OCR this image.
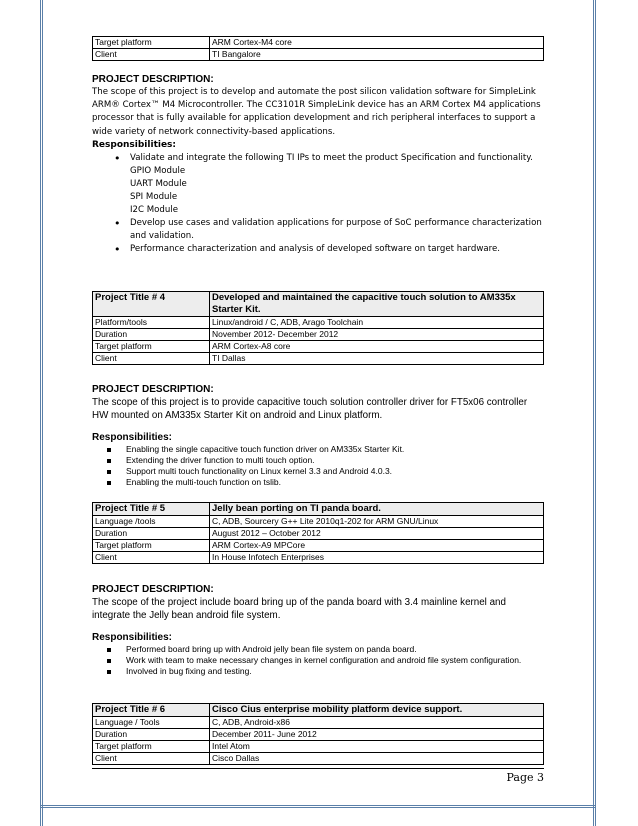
Target platform	ARM Cortex-M4 core
Client	TI Bangalore

PROJECT DESCRIPTION:

The scope of this project is to develop and automate the post silicon validation software for SimpleLink ARM® Cortex™ M4 Microcontroller. The CC3101R SimpleLink device has an ARM Cortex M4 applications processor that is fully available for application development and rich peripheral interfaces to support a wide variety of network connectivity-based applications.

Responsibilities:

• Validate and integrate the following TI IPs to meet the product Specification and functionality.

GPIO Module

UART Module

SPI Module

I2C Module

• Develop use cases and validation applications for purpose of SoC performance characterization and validation.
• Performance characterization and analysis of developed software on target hardware.
Project Title # 4	Developed and maintained the capacitive touch solution to AM335x Starter Kit.
Platform/tools	Linux/android / C, ADB, Arago Toolchain
Duration	November 2012- December 2012
Target platform	ARM Cortex-A8 core
Client	TI Dallas

PROJECT DESCRIPTION:

The scope of this project is to provide capacitive touch solution controller driver for FT5x06 controller HW mounted on AM335x Starter Kit on android and Linux platform.

Responsibilities:

Enabling the single capacitive touch function driver on AM335x Starter Kit.
Extending the driver function to multi touch option.
Support multi touch functionality on Linux kernel 3.3 and Android 4.0.3.
Enabling the multi-touch function on tslib.
Project Title # 5	Jelly bean porting on TI panda board.
Language /tools	C, ADB, Sourcery G++ Lite 2010q1-202 for ARM GNU/Linux
Duration	August 2012 – October 2012
Target platform	ARM Cortex-A9 MPCore
Client	In House Infotech Enterprises

PROJECT DESCRIPTION:

The scope of the project include board bring up of the panda board with 3.4 mainline kernel and integrate the Jelly bean android file system.

Responsibilities:

Performed board bring up with Android jelly bean file system on panda board.
Work with team to make necessary changes in kernel configuration and android file system configuration.
Involved in bug fixing and testing.
Project Title # 6	Cisco Cius enterprise mobility platform device support.
Language / Tools	C, ADB, Android-x86
Duration	December 2011- June 2012
Target platform	Intel Atom
Client	Cisco Dallas
Page 3
